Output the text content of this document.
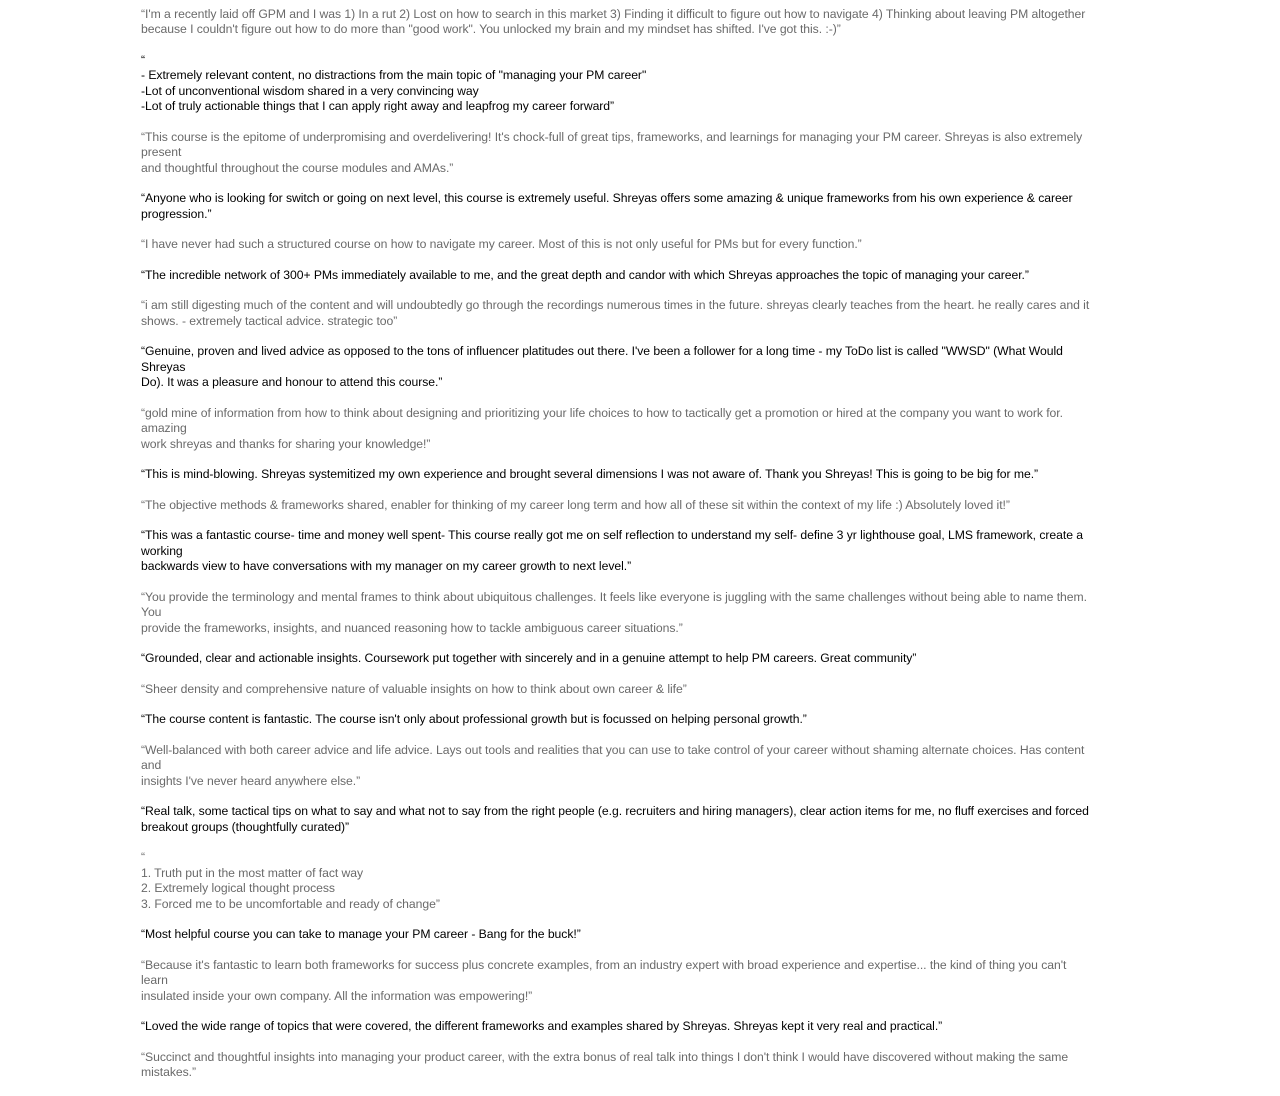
“I'm a recently laid off GPM and I was 1) In a rut 2) Lost on how to search in this market 3) Finding it difficult to figure out how to navigate 4) Thinking about leaving PM altogether
because I couldn't figure out how to do more than "good work". You unlocked my brain and my mindset has shifted. I've got this. :-)”
“
- Extremely relevant content, no distractions from the main topic of "managing your PM career"
-Lot of unconventional wisdom shared in a very convincing way
-Lot of truly actionable things that I can apply right away and leapfrog my career forward”
“This course is the epitome of underpromising and overdelivering! It's chock-full of great tips, frameworks, and learnings for managing your PM career. Shreyas is also extremely present
and thoughtful throughout the course modules and AMAs.”
“Anyone who is looking for switch or going on next level, this course is extremely useful. Shreyas offers some amazing & unique frameworks from his own experience & career
progression.”
“I have never had such a structured course on how to navigate my career. Most of this is not only useful for PMs but for every function.”
“The incredible network of 300+ PMs immediately available to me, and the great depth and candor with which Shreyas approaches the topic of managing your career.”
“i am still digesting much of the content and will undoubtedly go through the recordings numerous times in the future. shreyas clearly teaches from the heart. he really cares and it
shows. - extremely tactical advice. strategic too”
“Genuine, proven and lived advice as opposed to the tons of influencer platitudes out there. I've been a follower for a long time - my ToDo list is called "WWSD" (What Would Shreyas
Do). It was a pleasure and honour to attend this course.”
“gold mine of information from how to think about designing and prioritizing your life choices to how to tactically get a promotion or hired at the company you want to work for. amazing
work shreyas and thanks for sharing your knowledge!”
“This is mind-blowing. Shreyas systemitized my own experience and brought several dimensions I was not aware of. Thank you Shreyas! This is going to be big for me.”
“The objective methods & frameworks shared, enabler for thinking of my career long term and how all of these sit within the context of my life :) Absolutely loved it!”
“This was a fantastic course- time and money well spent- This course really got me on self reflection to understand my self- define 3 yr lighthouse goal, LMS framework, create a working
backwards view to have conversations with my manager on my career growth to next level.”
“You provide the terminology and mental frames to think about ubiquitous challenges. It feels like everyone is juggling with the same challenges without being able to name them. You
provide the frameworks, insights, and nuanced reasoning how to tackle ambiguous career situations.”
“Grounded, clear and actionable insights. Coursework put together with sincerely and in a genuine attempt to help PM careers. Great community”
“Sheer density and comprehensive nature of valuable insights on how to think about own career & life”
“The course content is fantastic. The course isn't only about professional growth but is focussed on helping personal growth.”
“Well-balanced with both career advice and life advice. Lays out tools and realities that you can use to take control of your career without shaming alternate choices. Has content and
insights I've never heard anywhere else.”
“Real talk, some tactical tips on what to say and what not to say from the right people (e.g. recruiters and hiring managers), clear action items for me, no fluff exercises and forced
breakout groups (thoughtfully curated)”
“
1. Truth put in the most matter of fact way
2. Extremely logical thought process
3. Forced me to be uncomfortable and ready of change”
“Most helpful course you can take to manage your PM career - Bang for the buck!”
“Because it's fantastic to learn both frameworks for success plus concrete examples, from an industry expert with broad experience and expertise... the kind of thing you can't learn
insulated inside your own company. All the information was empowering!”
“Loved the wide range of topics that were covered, the different frameworks and examples shared by Shreyas. Shreyas kept it very real and practical.”
“Succinct and thoughtful insights into managing your product career, with the extra bonus of real talk into things I don't think I would have discovered without making the same mistakes.”
